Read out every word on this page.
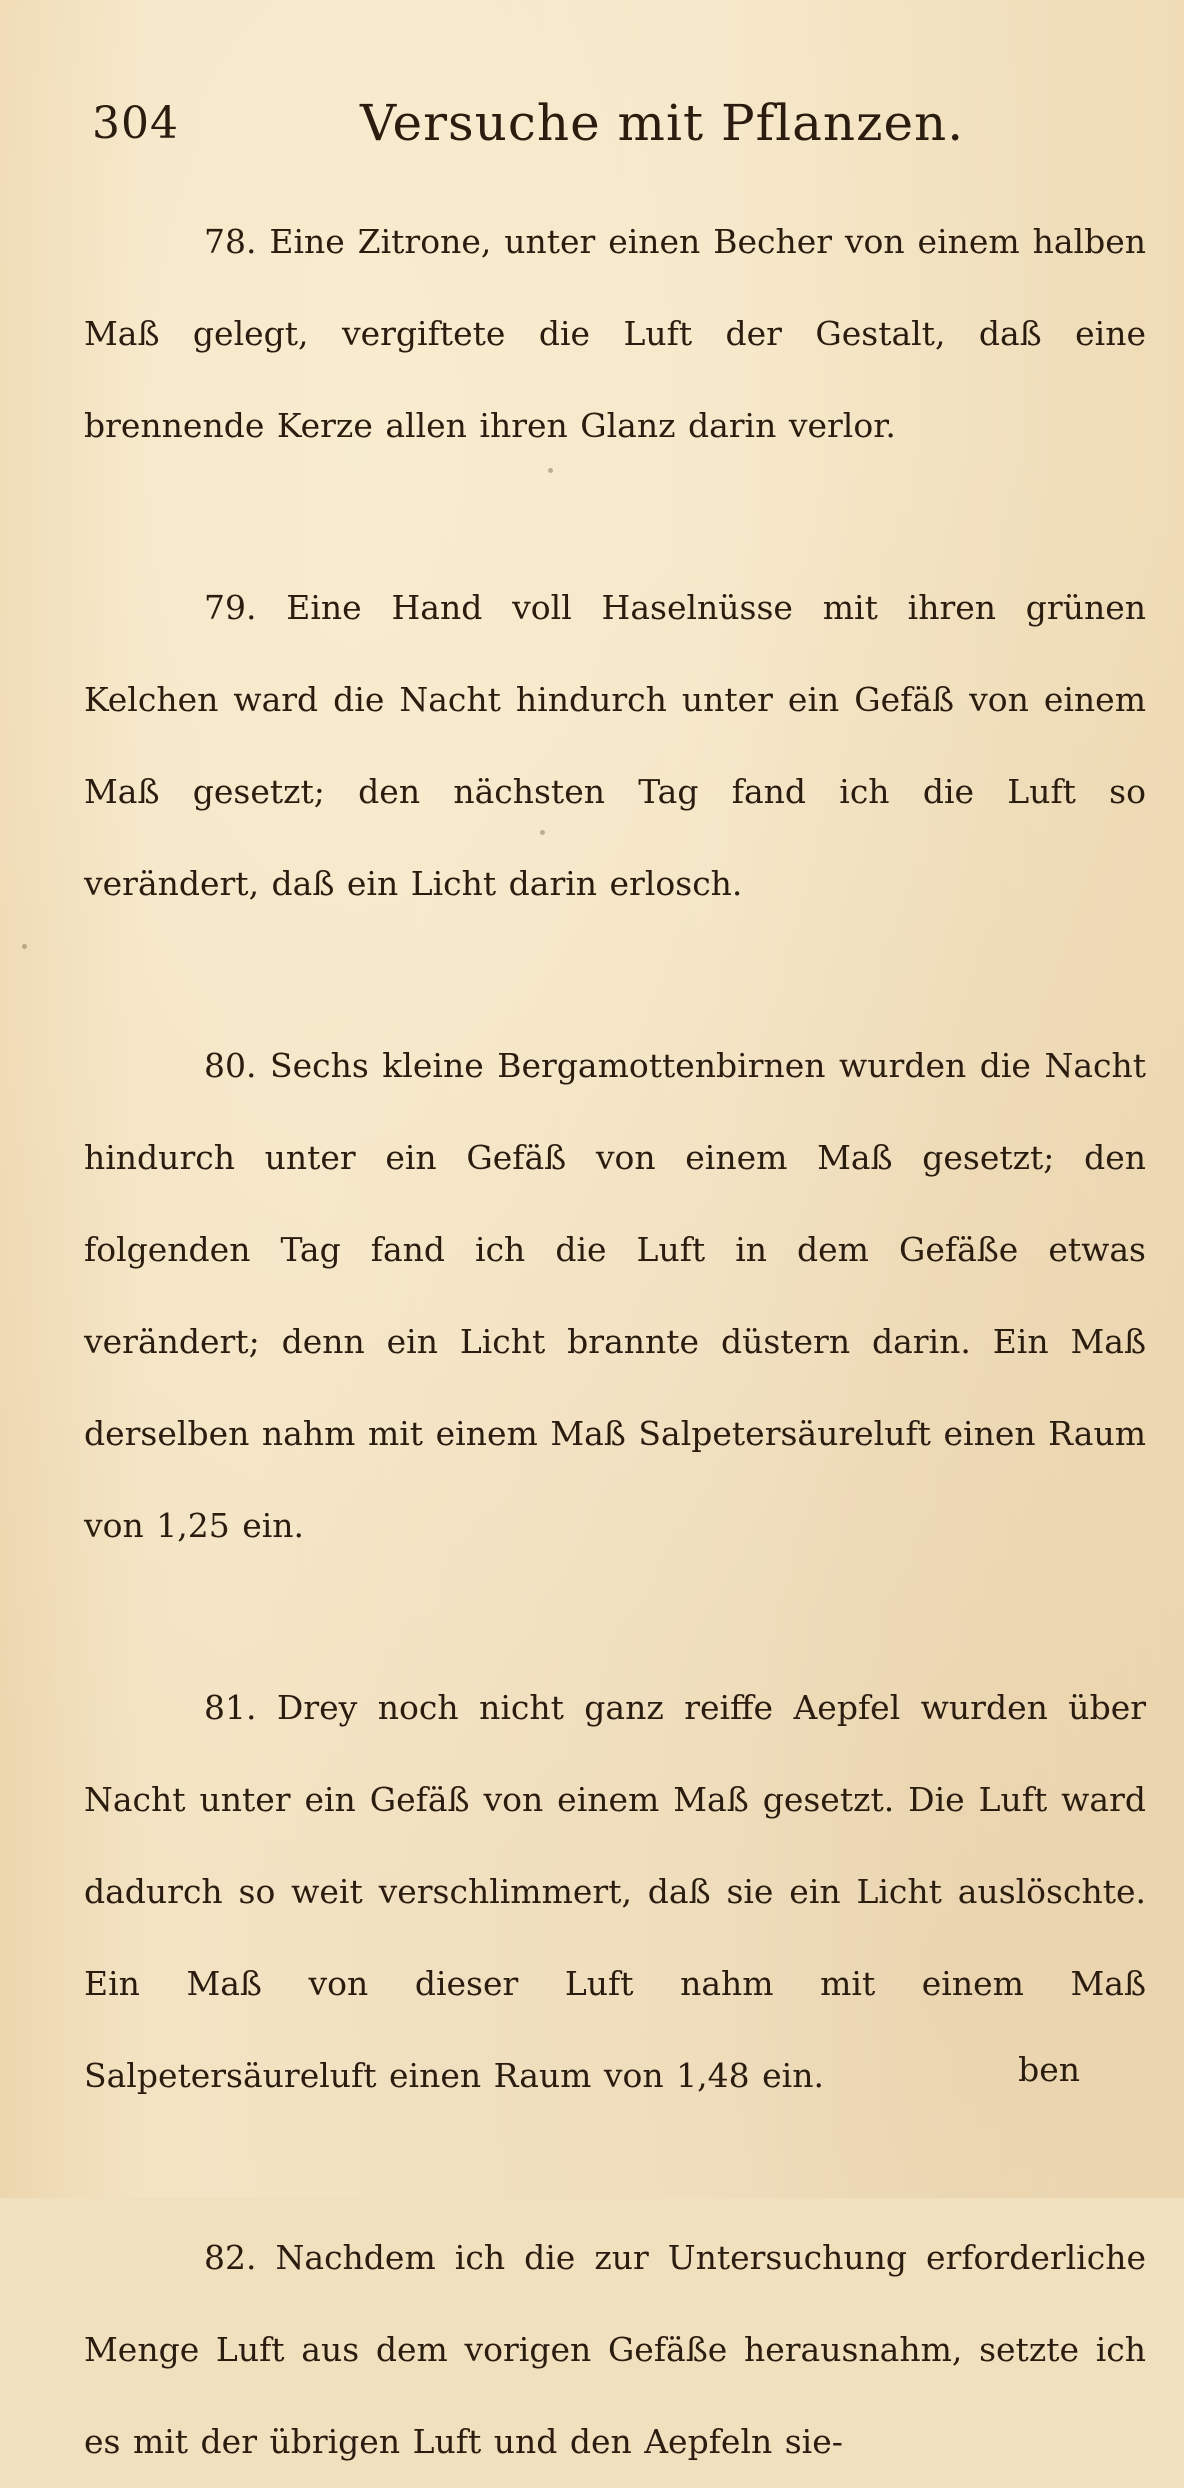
304	Versuche mit Pflanzen.

78. Eine Zitrone, unter einen Becher von einem halben Maß gelegt, vergiftete die Luft der Gestalt, daß eine brennende Kerze allen ihren Glanz darin verlor.

79. Eine Hand voll Haselnüsse mit ihren grünen Kelchen ward die Nacht hindurch unter ein Gefäß von einem Maß gesetzt; den nächsten Tag fand ich die Luft so verändert, daß ein Licht darin erlosch.

80. Sechs kleine Bergamottenbirnen wurden die Nacht hindurch unter ein Gefäß von einem Maß gesetzt; den folgenden Tag fand ich die Luft in dem Gefäße etwas verändert; denn ein Licht brannte düstern darin. Ein Maß derselben nahm mit einem Maß Salpetersäureluft einen Raum von 1,25 ein.

81. Drey noch nicht ganz reiffe Aepfel wurden über Nacht unter ein Gefäß von einem Maß gesetzt. Die Luft ward dadurch so weit verschlimmert, daß sie ein Licht auslöschte. Ein Maß von dieser Luft nahm mit einem Maß Salpetersäureluft einen Raum von 1,48 ein.

82. Nachdem ich die zur Untersuchung erforderliche Menge Luft aus dem vorigen Gefäße herausnahm, setzte ich es mit der übrigen Luft und den Aepfeln sie-

ben
